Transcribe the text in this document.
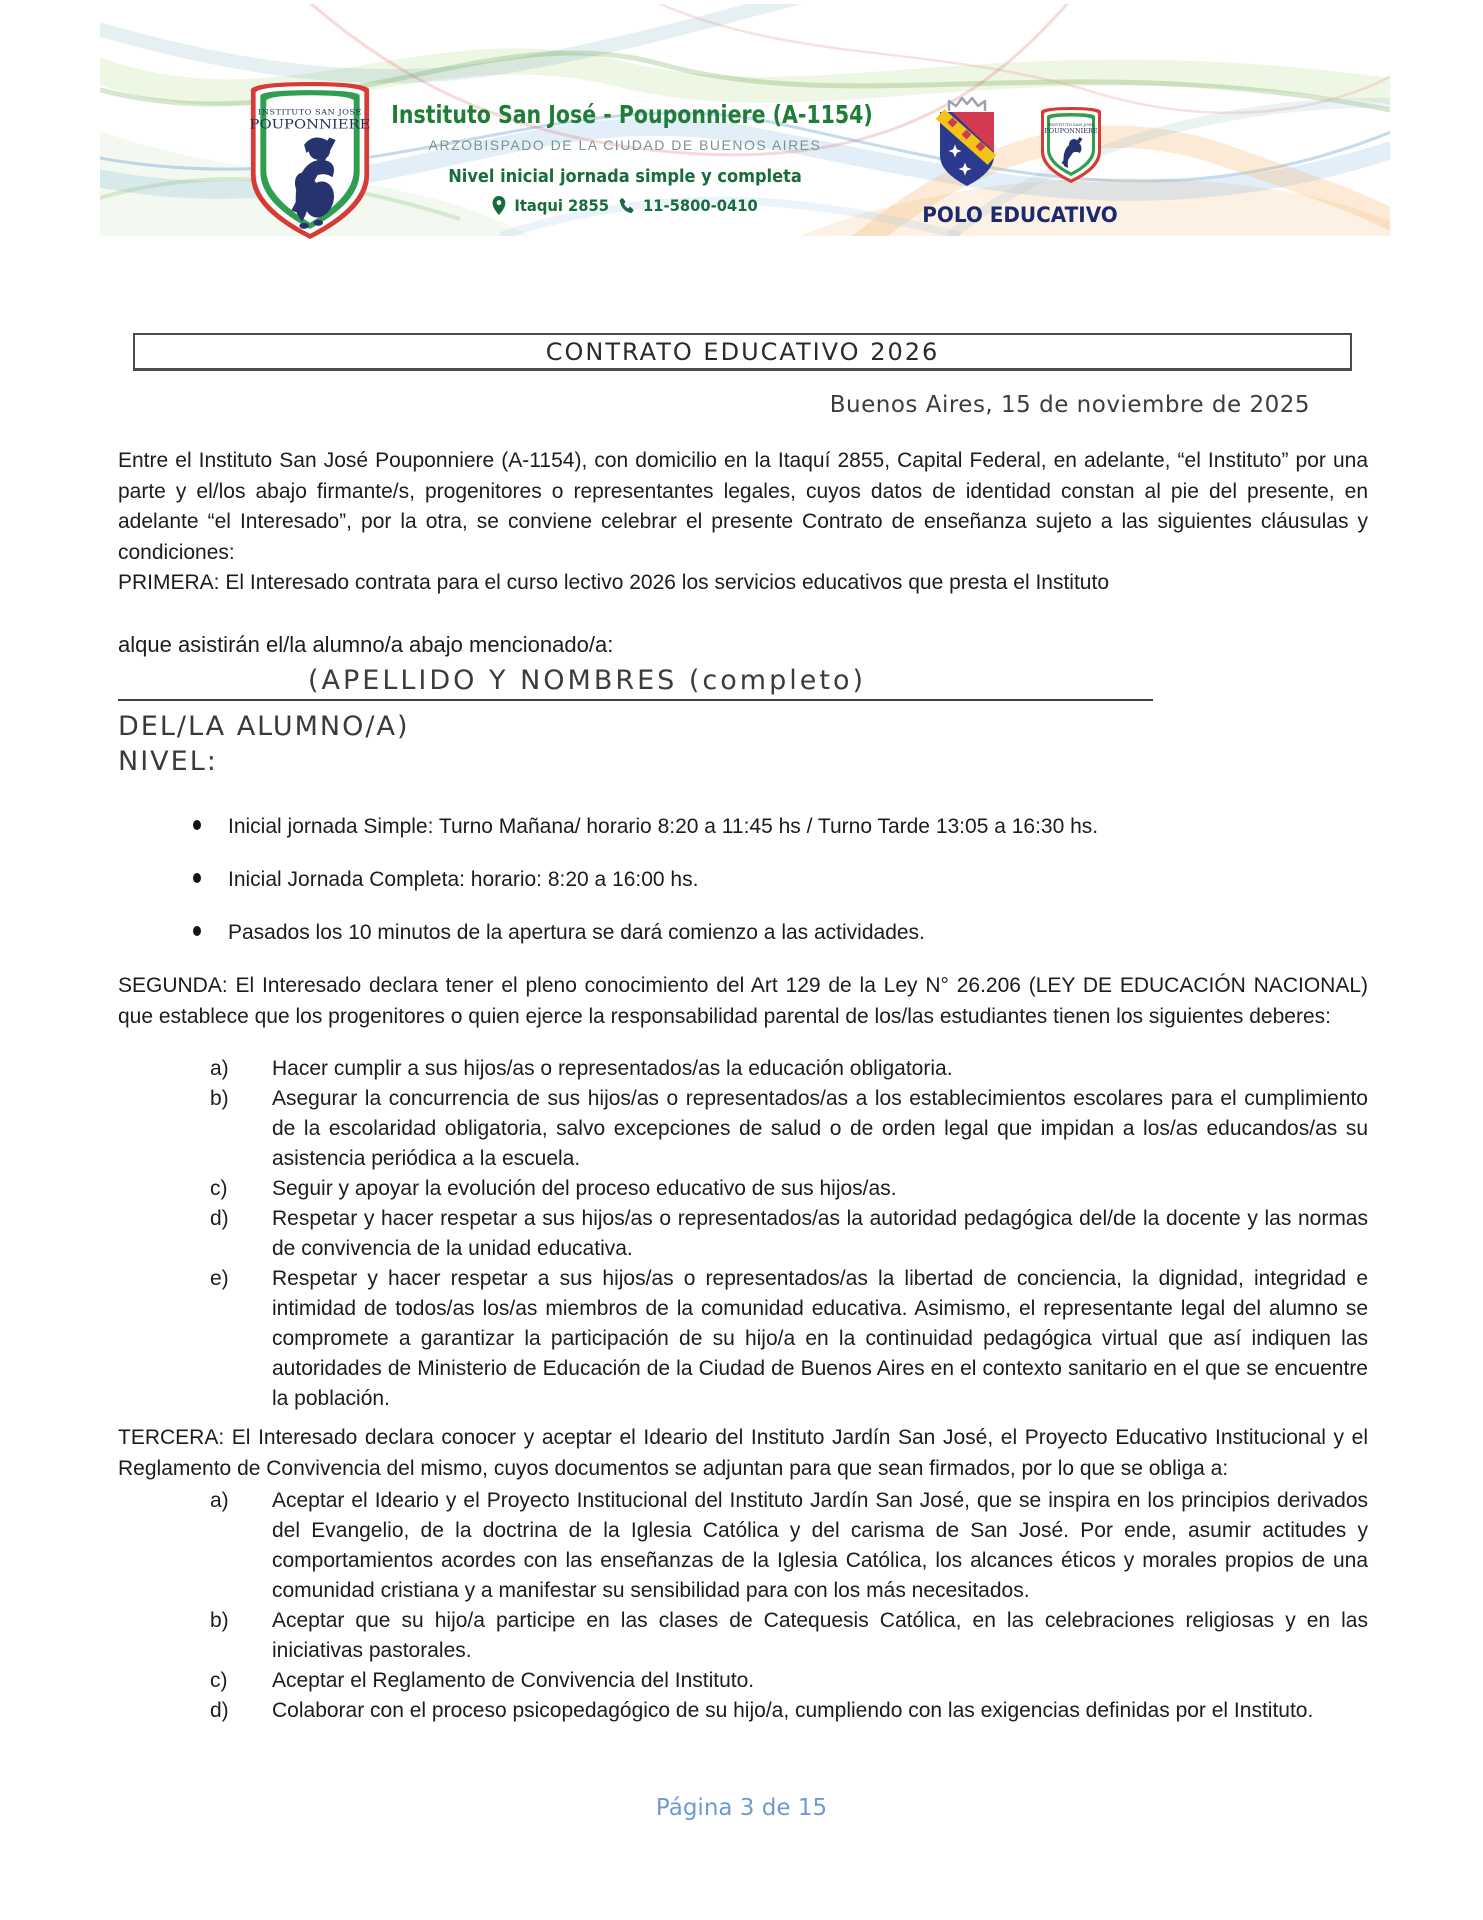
INSTITUTO SAN JOSÉ
POUPONNIERE Instituto San José - Pouponniere (A-1154)
ARZOBISPADO DE LA CIUDAD DE BUENOS AIRES
Nivel inicial jornada simple y completa
Itaqui 2855 11-5800-0410
INSTITUTO SAN JOSÉ
POUPONNIERE
POLO EDUCATIVO
CONTRATO EDUCATIVO 2026
Buenos Aires, 15 de noviembre de 2025

Entre el Instituto San José Pouponniere (A-1154), con domicilio en la Itaquí 2855, Capital Federal, en adelante, “el Instituto” por una parte y el/los abajo firmante/s, progenitores o representantes legales, cuyos datos de identidad constan al pie del presente, en adelante “el Interesado”, por la otra, se conviene celebrar el presente Contrato de enseñanza sujeto a las siguientes cláusulas y condiciones:

PRIMERA: El Interesado contrata para el curso lectivo 2026 los servicios educativos que presta el Instituto

alque asistirán el/la alumno/a abajo mencionado/a:

(APELLIDO Y NOMBRES (completo)
DEL/LA ALUMNO/A)
NIVEL:
Inicial jornada Simple: Turno Mañana/ horario 8:20 a 11:45 hs / Turno Tarde 13:05 a 16:30 hs.
Inicial Jornada Completa: horario: 8:20 a 16:00 hs.
Pasados los 10 minutos de la apertura se dará comienzo a las actividades.

SEGUNDA: El Interesado declara tener el pleno conocimiento del Art 129 de la Ley N° 26.206 (LEY DE EDUCACIÓN NACIONAL) que establece que los progenitores o quien ejerce la responsabilidad parental de los/las estudiantes tienen los siguientes deberes:

a)	Hacer cumplir a sus hijos/as o representados/as la educación obligatoria.
b)	Asegurar la concurrencia de sus hijos/as o representados/as a los establecimientos escolares para el cumplimiento de la escolaridad obligatoria, salvo excepciones de salud o de orden legal que impidan a los/as educandos/as su asistencia periódica a la escuela.
c)	Seguir y apoyar la evolución del proceso educativo de sus hijos/as.
d)	Respetar y hacer respetar a sus hijos/as o representados/as la autoridad pedagógica del/de la docente y las normas de convivencia de la unidad educativa.
e)	Respetar y hacer respetar a sus hijos/as o representados/as la libertad de conciencia, la dignidad, integridad e intimidad de todos/as los/as miembros de la comunidad educativa. Asimismo, el representante legal del alumno se compromete a garantizar la participación de su hijo/a en la continuidad pedagógica virtual que así indiquen las autoridades de Ministerio de Educación de la Ciudad de Buenos Aires en el contexto sanitario en el que se encuentre la población.

TERCERA: El Interesado declara conocer y aceptar el Ideario del Instituto Jardín San José, el Proyecto Educativo Institucional y el Reglamento de Convivencia del mismo, cuyos documentos se adjuntan para que sean firmados, por lo que se obliga a:

a)	Aceptar el Ideario y el Proyecto Institucional del Instituto Jardín San José, que se inspira en los principios derivados del Evangelio, de la doctrina de la Iglesia Católica y del carisma de San José. Por ende, asumir actitudes y comportamientos acordes con las enseñanzas de la Iglesia Católica, los alcances éticos y morales propios de una comunidad cristiana y a manifestar su sensibilidad para con los más necesitados.
b)	Aceptar que su hijo/a participe en las clases de Catequesis Católica, en las celebraciones religiosas y en las iniciativas pastorales.
c)	Aceptar el Reglamento de Convivencia del Instituto.
d)	Colaborar con el proceso psicopedagógico de su hijo/a, cumpliendo con las exigencias definidas por el Instituto.
Página 3 de 15
